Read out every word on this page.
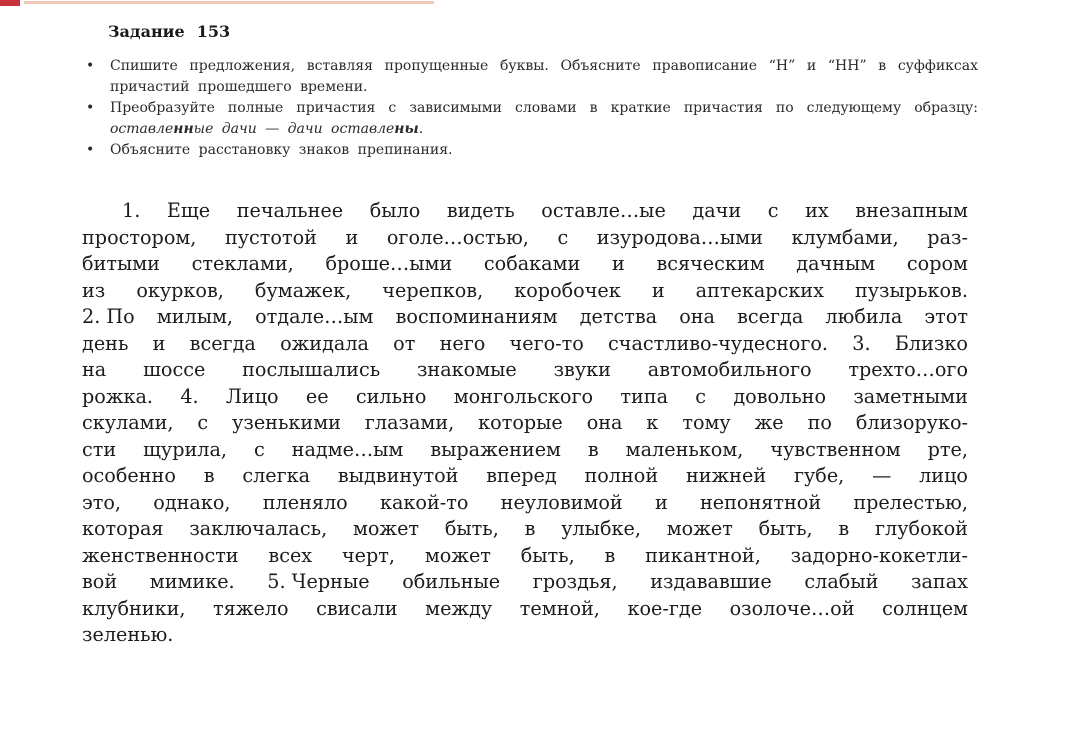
Задание 153
• Спишите предложения, вставляя пропущенные буквы. Объясните правописание “Н” и “НН” в суффиксах причастий прошедшего времени.
• Преобразуйте полные причастия с зависимыми словами в краткие причастия по следующему образцу: оставленные дачи — дачи оставлены.
• Объясните расстановку знаков препинания.
1. Еще печальнее было видеть оставле…ые дачи с их внезапным
простором, пустотой и оголе…остью, с изуродова…ыми клумбами, раз-
битыми стеклами, броше…ыми собаками и всяческим дачным сором
из окурков, бумажек, черепков, коробочек и аптекарских пузырьков.
2. По милым, отдале…ым воспоминаниям детства она всегда любила этот
день и всегда ожидала от него чего-то счастливо-чудесного. 3. Близко
на шоссе послышались знакомые звуки автомобильного трехто…ого
рожка. 4. Лицо ее сильно монгольского типа с довольно заметными
скулами, с узенькими глазами, которые она к тому же по близоруко-
сти щурила, с надме…ым выражением в маленьком, чувственном рте,
особенно в слегка выдвинутой вперед полной нижней губе, — лицо
это, однако, пленяло какой-то неуловимой и непонятной прелестью,
которая заключалась, может быть, в улыбке, может быть, в глубокой
женственности всех черт, может быть, в пикантной, задорно-кокетли-
вой мимике. 5. Черные обильные гроздья, издававшие слабый запах
клубники, тяжело свисали между темной, кое-где озолоче…ой солнцем
зеленью.
